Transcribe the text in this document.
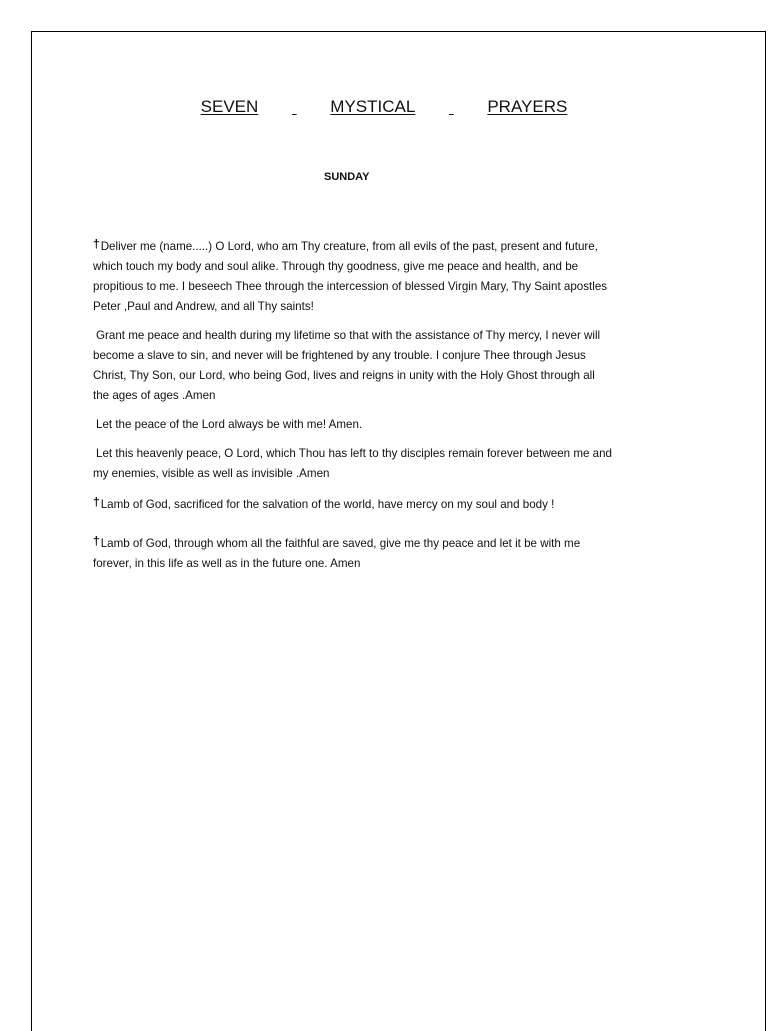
SEVEN	MYSTICAL	PRAYERS
SUNDAY

†Deliver me (name.....) O Lord, who am Thy creature, from all evils of the past, present and future,
which touch my body and soul alike. Through thy goodness, give me peace and health, and be
propitious to me. I beseech Thee through the intercession of blessed Virgin Mary, Thy Saint apostles
Peter ,Paul and Andrew, and all Thy saints!

Grant me peace and health during my lifetime so that with the assistance of Thy mercy, I never will
become a slave to sin, and never will be frightened by any trouble. I conjure Thee through Jesus
Christ, Thy Son, our Lord, who being God, lives and reigns in unity with the Holy Ghost through all
the ages of ages .Amen

Let the peace of the Lord always be with me! Amen.

Let this heavenly peace, O Lord, which Thou has left to thy disciples remain forever between me and
my enemies, visible as well as invisible .Amen

†Lamb of God, sacrificed for the salvation of the world, have mercy on my soul and body !

†Lamb of God, through whom all the faithful are saved, give me thy peace and let it be with me
forever, in this life as well as in the future one. Amen
